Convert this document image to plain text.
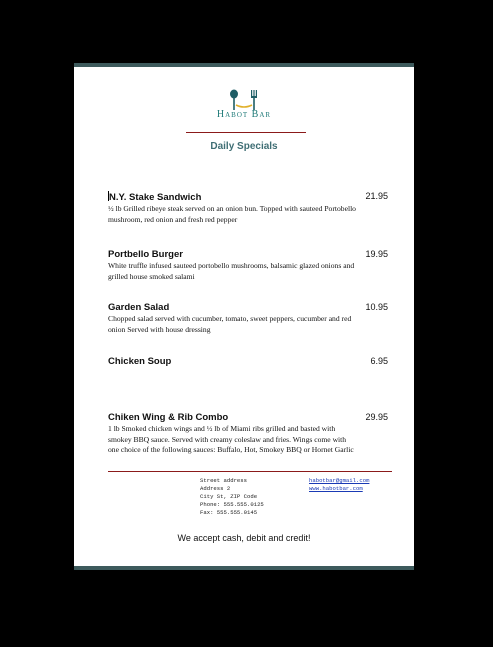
Habot Bar
Daily Specials
N.Y. Stake Sandwich	21.95
½ lb Grilled ribeye steak served on an onion bun. Topped with sauteed Portobello mushroom, red onion and fresh red pepper
Portbello Burger	19.95
White truffle infused sauteed portobello mushrooms, balsamic glazed onions and grilled house smoked salami
Garden Salad	10.95
Chopped salad served with cucumber, tomato, sweet peppers, cucumber and red onion Served with house dressing
Chicken Soup	6.95
Chiken Wing & Rib Combo	29.95
1 lb Smoked chicken wings and ½ lb of Miami ribs grilled and basted with smokey BBQ sauce. Served with creamy coleslaw and fries. Wings come with one choice of the following sauces: Buffalo, Hot, Smokey BBQ or Hornet Garlic
Street address
Address 2
City St, ZIP Code
Phone: 555.555.0125
Fax: 555.555.0145
habotbar@gmail.com
www.habotbar.com
We accept cash, debit and credit!
